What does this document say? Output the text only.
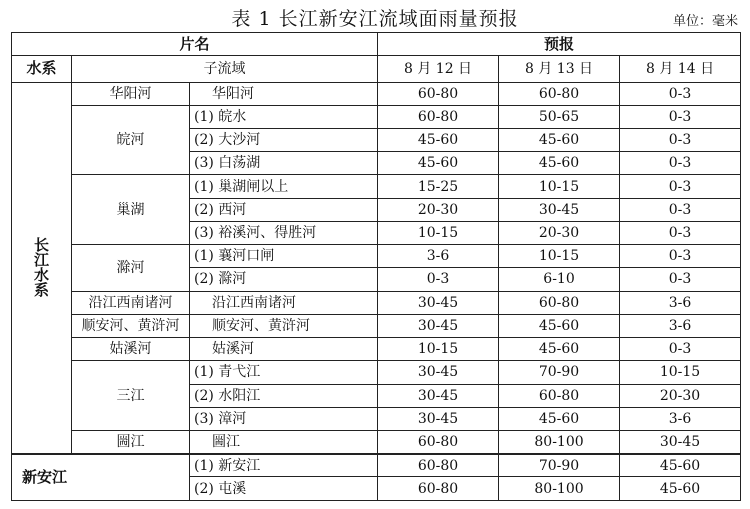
表 1 长江新安江流域面雨量预报	单位：毫米
片名			预报		
水系	子流域		8 月 12 日	8 月 13 日	8 月 14 日
长江水系	华阳河	华阳河	60-80	60-80	0-3
	皖河	(1) 皖水	60-80	50-65	0-3
		(2) 大沙河	45-60	45-60	0-3
		(3) 白荡湖	45-60	45-60	0-3
	巢湖	(1) 巢湖闸以上	15-25	10-15	0-3
		(2) 西河	20-30	30-45	0-3
		(3) 裕溪河、得胜河	10-15	20-30	0-3
	滁河	(1) 襄河口闸	3-6	10-15	0-3
		(2) 滁河	0-3	6-10	0-3
	沿江西南诸河	沿江西南诸河	30-45	60-80	3-6
	顺安河、黄浒河	顺安河、黄浒河	30-45	45-60	3-6
	姑溪河	姑溪河	10-15	45-60	0-3
	三江	(1) 青弋江	30-45	70-90	10-15
		(2) 水阳江	30-45	60-80	20-30
		(3) 漳河	30-45	45-60	3-6
	圌江	圌江	60-80	80-100	30-45
新安江		(1) 新安江	60-80	70-90	45-60
		(2) 屯溪	60-80	80-100	45-60
